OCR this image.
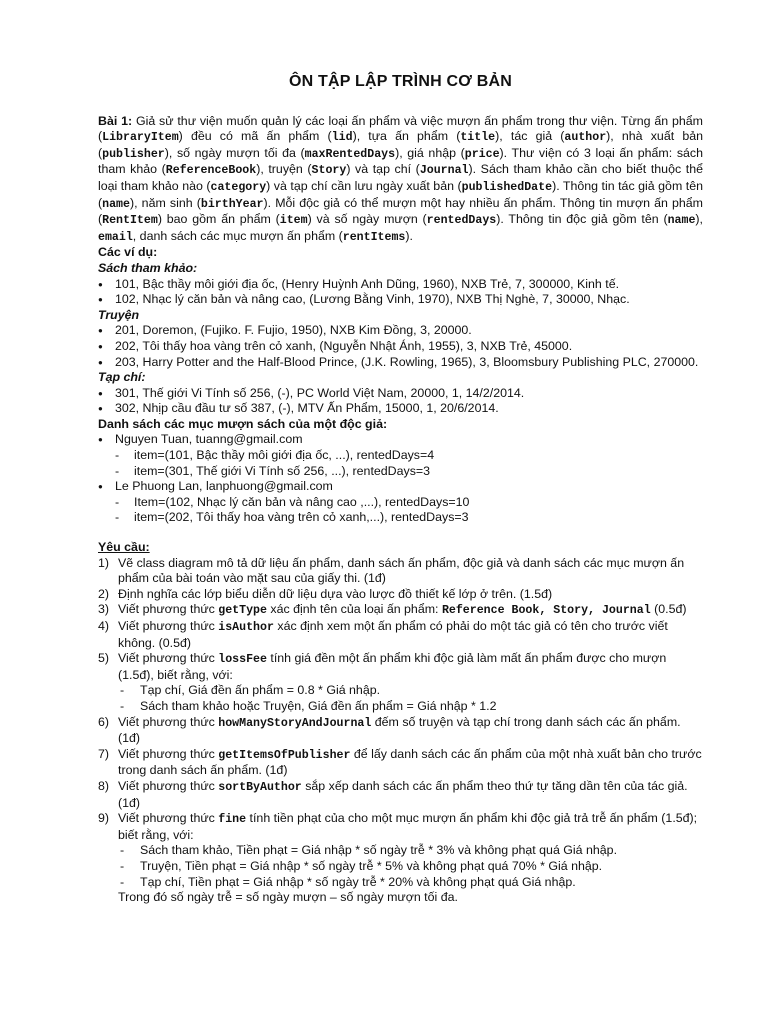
ÔN TẬP LẬP TRÌNH CƠ BẢN

Bài 1: Giả sử thư viện muốn quản lý các loại ấn phẩm và việc mượn ấn phẩm trong thư viện. Từng ấn phẩm (LibraryItem) đều có mã ấn phẩm (lid), tựa ấn phẩm (title), tác giả (author), nhà xuất bản (publisher), số ngày mượn tối đa (maxRentedDays), giá nhập (price). Thư viện có 3 loại ấn phẩm: sách tham khảo (ReferenceBook), truyện (Story) và tạp chí (Journal). Sách tham khảo cần cho biết thuộc thể loại tham khảo nào (category) và tạp chí cần lưu ngày xuất bản (publishedDate). Thông tin tác giả gồm tên (name), năm sinh (birthYear). Mỗi độc giả có thể mượn một hay nhiều ấn phẩm. Thông tin mượn ấn phẩm (RentItem) bao gồm ấn phẩm (item) và số ngày mượn (rentedDays). Thông tin độc giả gồm tên (name), email, danh sách các mục mượn ấn phẩm (rentItems).

Các ví dụ:

Sách tham khảo:

● 101, Bậc thầy môi giới địa ốc, (Henry Huỳnh Anh Dũng, 1960), NXB Trẻ, 7, 300000, Kinh tế.
● 102, Nhạc lý căn bản và nâng cao, (Lương Bằng Vinh, 1970), NXB Thị Nghè, 7, 30000, Nhạc.

Truyện

● 201, Doremon, (Fujiko. F. Fujio, 1950), NXB Kim Đồng, 3, 20000.
● 202, Tôi thấy hoa vàng trên cỏ xanh, (Nguyễn Nhật Ánh, 1955), 3, NXB Trẻ, 45000.
● 203, Harry Potter and the Half-Blood Prince, (J.K. Rowling, 1965), 3, Bloomsbury Publishing PLC, 270000.

Tạp chí:

● 301, Thế giới Vi Tính số 256, (-), PC World Việt Nam, 20000, 1, 14/2/2014.
● 302, Nhịp cầu đầu tư số 387, (-), MTV Ấn Phẩm, 15000, 1, 20/6/2014.

Danh sách các mục mượn sách của một độc giả:

● Nguyen Tuan, tuanng@gmail.com
- item=(101, Bậc thầy môi giới địa ốc, ...), rentedDays=4
- item=(301, Thế giới Vi Tính số 256, ...), rentedDays=3
● Le Phuong Lan, lanphuong@gmail.com
- Item=(102, Nhạc lý căn bản và nâng cao ,...), rentedDays=10
- item=(202, Tôi thấy hoa vàng trên cỏ xanh,...), rentedDays=3

Yêu cầu:

1) Vẽ class diagram mô tả dữ liệu ấn phẩm, danh sách ấn phẩm, độc giả và danh sách các mục mượn ấn phẩm của bài toán vào mặt sau của giấy thi. (1đ)
2) Định nghĩa các lớp biểu diễn dữ liệu dựa vào lược đồ thiết kế lớp ở trên. (1.5đ)
3) Viết phương thức getType xác định tên của loại ấn phẩm: Reference Book, Story, Journal (0.5đ)
4) Viết phương thức isAuthor xác định xem một ấn phẩm có phải do một tác giả có tên cho trước viết không. (0.5đ)
5) Viết phương thức lossFee tính giá đền một ấn phẩm khi độc giả làm mất ấn phẩm được cho mượn (1.5đ), biết rằng, với:
- Tạp chí, Giá đền ấn phẩm = 0.8 * Giá nhập.
- Sách tham khảo hoặc Truyện, Giá đền ấn phẩm = Giá nhập * 1.2
6) Viết phương thức howManyStoryAndJournal đếm số truyện và tạp chí trong danh sách các ấn phẩm. (1đ)
7) Viết phương thức getItemsOfPublisher để lấy danh sách các ấn phẩm của một nhà xuất bản cho trước trong danh sách ấn phẩm. (1đ)
8) Viết phương thức sortByAuthor sắp xếp danh sách các ấn phẩm theo thứ tự tăng dần tên của tác giả. (1đ)
9) Viết phương thức fine tính tiền phạt của cho một mục mượn ấn phẩm khi độc giả trả trễ ấn phẩm (1.5đ); biết rằng, với:
- Sách tham khảo, Tiền phạt = Giá nhập * số ngày trễ * 3% và không phạt quá Giá nhập.
- Truyện, Tiền phạt = Giá nhập * số ngày trễ * 5% và không phạt quá 70% * Giá nhập.
- Tạp chí, Tiền phạt = Giá nhập * số ngày trễ * 20% và không phạt quá Giá nhập.

Trong đó số ngày trễ = số ngày mượn – số ngày mượn tối đa.
